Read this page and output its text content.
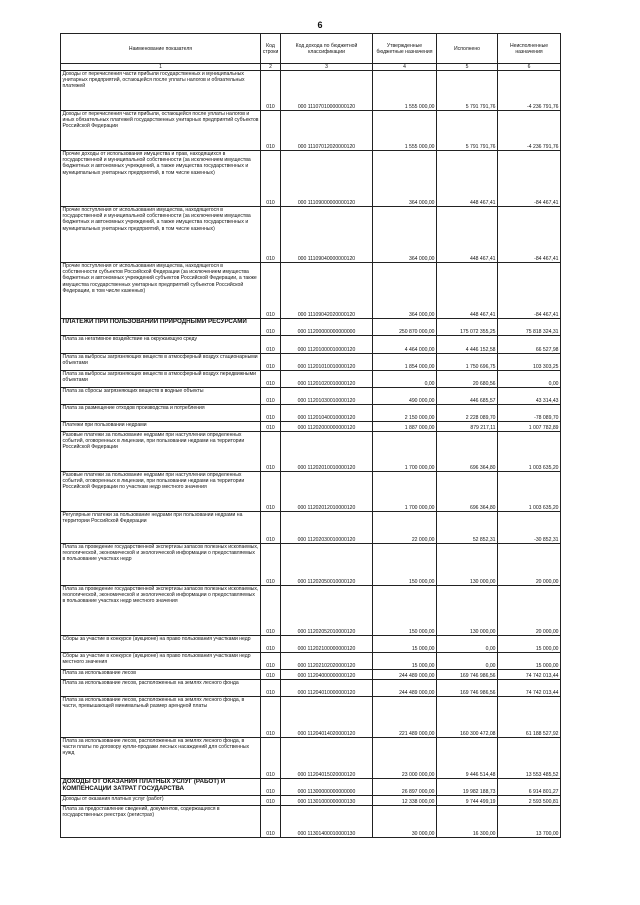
6
Наименование показателя	Код строки	Код дохода по бюджетной классификации	Утвержденные бюджетные назначения	Исполнено	Неисполненные назначения
1	2	3	4	5	6
Доходы от перечисления части прибыли государственных и муниципальных унитарных предприятий, остающейся после уплаты налогов и обязательных платежей	010	000 11107010000000120	1 555 000,00	5 791 791,76	-4 236 791,76
Доходы от перечисления части прибыли, остающейся после уплаты налогов и иных обязательных платежей государственных унитарных предприятий субъектов Российской Федерации	010	000 11107012020000120	1 555 000,00	5 791 791,76	-4 236 791,76
Прочие доходы от использования имущества и прав, находящихся в государственной и муниципальной собственности (за исключением имущества бюджетных и автономных учреждений, а также имущества государственных и муниципальных унитарных предприятий, в том числе казенных)	010	000 11109000000000120	364 000,00	448 467,41	-84 467,41
Прочие поступления от использования имущества, находящегося в государственной и муниципальной собственности (за исключением имущества бюджетных и автономных учреждений, а также имущества государственных и муниципальных унитарных предприятий, в том числе казенных)	010	000 11109040000000120	364 000,00	448 467,41	-84 467,41
Прочие поступления от использования имущества, находящегося в собственности субъектов Российской Федерации (за исключением имущества бюджетных и автономных учреждений субъектов Российской Федерации, а также имущества государственных унитарных предприятий субъектов Российской Федерации, в том числе казенных)	010	000 11109042020000120	364 000,00	448 467,41	-84 467,41
ПЛАТЕЖИ ПРИ ПОЛЬЗОВАНИИ ПРИРОДНЫМИ РЕСУРСАМИ	010	000 11200000000000000	250 870 000,00	175 072 355,25	75 818 324,31
Плата за негативное воздействие на окружающую среду	010	000 11201000010000120	4 464 000,00	4 446 152,58	66 527,98
Плата за выбросы загрязняющих веществ в атмосферный воздух стационарными объектами	010	000 11201010010000120	1 854 000,00	1 750 696,75	103 303,25
Плата за выбросы загрязняющих веществ в атмосферный воздух передвижными объектами	010	000 11201020010000120	0,00	20 680,56	0,00
Плата за сбросы загрязняющих веществ в водные объекты	010	000 11201030010000120	490 000,00	446 685,57	43 314,43
Плата за размещение отходов производства и потребления	010	000 11201040010000120	2 150 000,00	2 228 089,70	-78 089,70
Платежи при пользовании недрами	010	000 11202000000000120	1 887 000,00	879 217,11	1 007 782,89
Разовые платежи за пользование недрами при наступлении определенных событий, оговоренных в лицензии, при пользовании недрами на территории Российской Федерации	010	000 11202010010000120	1 700 000,00	696 364,80	1 003 635,20
Разовые платежи за пользование недрами при наступлении определенных событий, оговоренных в лицензии, при пользовании недрами на территории Российской Федерации по участкам недр местного значения	010	000 11202012010000120	1 700 000,00	696 364,80	1 003 635,20
Регулярные платежи за пользование недрами при пользовании недрами на территории Российской Федерации	010	000 11202030010000120	22 000,00	52 852,31	-30 852,31
Плата за проведение государственной экспертизы запасов полезных ископаемых, геологической, экономической и экологической информации о предоставляемых в пользование участках недр	010	000 11202050010000120	150 000,00	130 000,00	20 000,00
Плата за проведение государственной экспертизы запасов полезных ископаемых, геологической, экономической и экологической информации о предоставляемых в пользование участках недр местного значения	010	000 11202052010000120	150 000,00	130 000,00	20 000,00
Сборы за участие в конкурсе (аукционе) на право пользования участками недр	010	000 11202100000000120	15 000,00	0,00	15 000,00
Сборы за участие в конкурсе (аукционе) на право пользования участками недр местного значения	010	000 11202102020000120	15 000,00	0,00	15 000,00
Плата за использование лесов	010	000 11204000000000120	244 489 000,00	169 746 986,56	74 742 013,44
Плата за использование лесов, расположенных на землях лесного фонда	010	000 11204010000000120	244 489 000,00	169 746 986,56	74 742 013,44
Плата за использование лесов, расположенных на землях лесного фонда, в части, превышающей минимальный размер арендной платы	010	000 11204014020000120	221 489 000,00	160 300 472,08	61 188 527,92
Плата за использование лесов, расположенных на землях лесного фонда, в части платы по договору купли-продажи лесных насаждений для собственных нужд	010	000 11204015020000120	23 000 000,00	9 446 514,48	13 553 485,52
ДОХОДЫ ОТ ОКАЗАНИЯ ПЛАТНЫХ УСЛУГ (РАБОТ) И КОМПЕНСАЦИИ ЗАТРАТ ГОСУДАРСТВА	010	000 11300000000000000	26 897 000,00	19 982 188,73	6 914 801,27
Доходы от оказания платных услуг (работ)	010	000 11301000000000130	12 338 000,00	9 744 499,19	2 593 500,81
Плата за предоставление сведений, документов, содержащихся в государственных реестрах (регистрах)	010	000 11301400010000130	30 000,00	16 300,00	13 700,00
